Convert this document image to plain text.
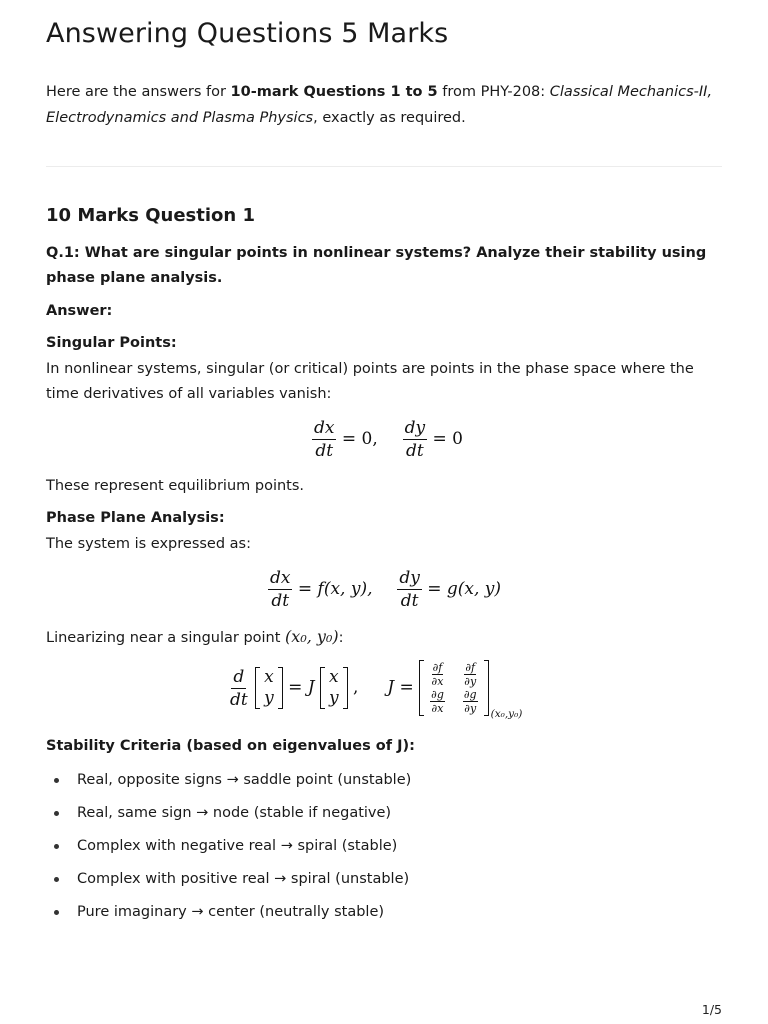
Answering Questions 5 Marks

Here are the answers for 10-mark Questions 1 to 5 from PHY-208: Classical Mechanics-II, Electrodynamics and Plasma Physics, exactly as required.

10 Marks Question 1

Q.1: What are singular points in nonlinear systems? Analyze their stability using phase plane analysis.

Answer:

Singular Points:

In nonlinear systems, singular (or critical) points are points in the phase space where the time derivatives of all variables vanish:

$\frac{dx}{dt} = 0$, $\frac{dy}{dt} = 0$

These represent equilibrium points.

Phase Plane Analysis:

The system is expressed as:

$\frac{dx}{dt} = f(x$, y), $\frac{dy}{dt} = g(x$, y)

Linearizing near a singular point (x₀, y₀):

$\frac{d}{dt}$
x
y
= J
x
y
, J =
$\frac{\partial f}{\partial x} \frac{\partial f}{\partial y}$
$\frac{\partial g}{\partial x} \frac{\partial g}{\partial y} _{(x_0,y_0)}$

Stability Criteria (based on eigenvalues of J):

Real, opposite signs → saddle point (unstable)
Real, same sign → node (stable if negative)
Complex with negative real → spiral (stable)
Complex with positive real → spiral (unstable)
Pure imaginary → center (neutrally stable)
1/5
